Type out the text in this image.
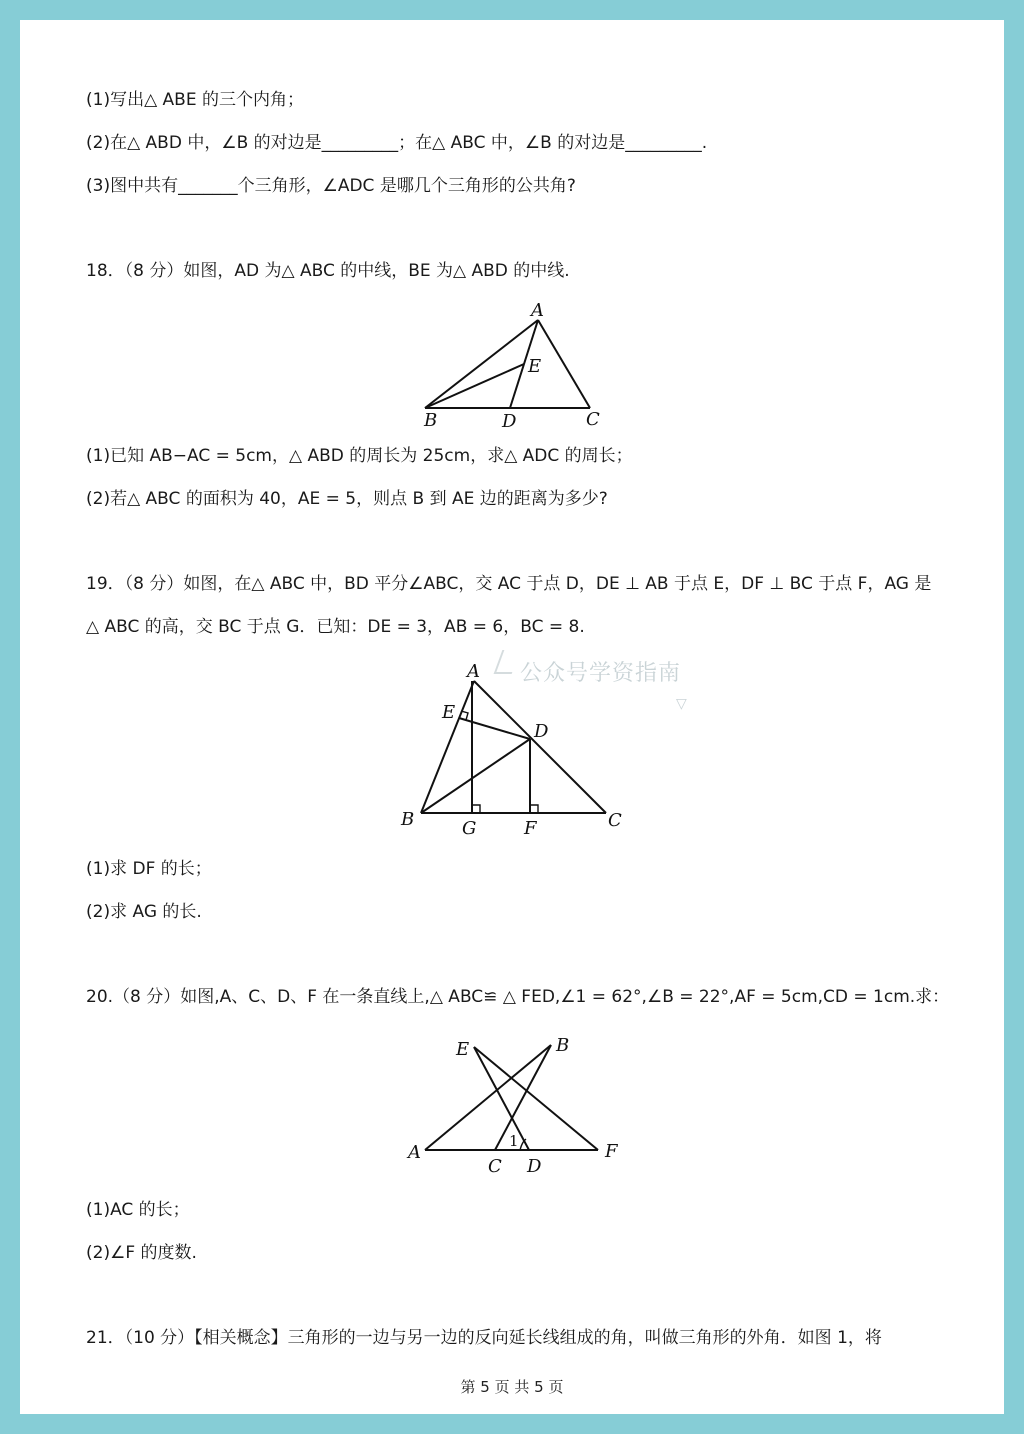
(1)写出△ ABE 的三个内角；
(2)在△ ABD 中，∠B 的对边是_________；在△ ABC 中，∠B 的对边是_________.
(3)图中共有_______个三角形，∠ADC 是哪几个三角形的公共角?
18．（8 分）如图，AD 为△ ABC 的中线，BE 为△ ABD 的中线.
A
E
B	D	C
(1)已知 AB−AC = 5cm，△ ABD 的周长为 25cm，求△ ADC 的周长；
(2)若△ ABC 的面积为 40，AE = 5，则点 B 到 AE 边的距离为多少?
19．（8 分）如图，在△ ABC 中，BD 平分∠ABC，交 AC 于点 D，DE ⊥ AB 于点 E，DF ⊥ BC 于点 F，AG 是
△ ABC 的高，交 BC 于点 G．已知：DE = 3，AB = 6，BC = 8.
公众号学资指南
▽
A
E
D
B	G	F	C
(1)求 DF 的长；
(2)求 AG 的长.
20.（8 分）如图,A、C、D、F 在一条直线上,△ ABC≌ △ FED,∠1 = 62°,∠B = 22°,AF = 5cm,CD = 1cm.求：
E	B
A	F
C D
1
(1)AC 的长；
(2)∠F 的度数.
21．（10 分）【相关概念】三角形的一边与另一边的反向延长线组成的角，叫做三角形的外角．如图 1，将
第 5 页 共 5 页
